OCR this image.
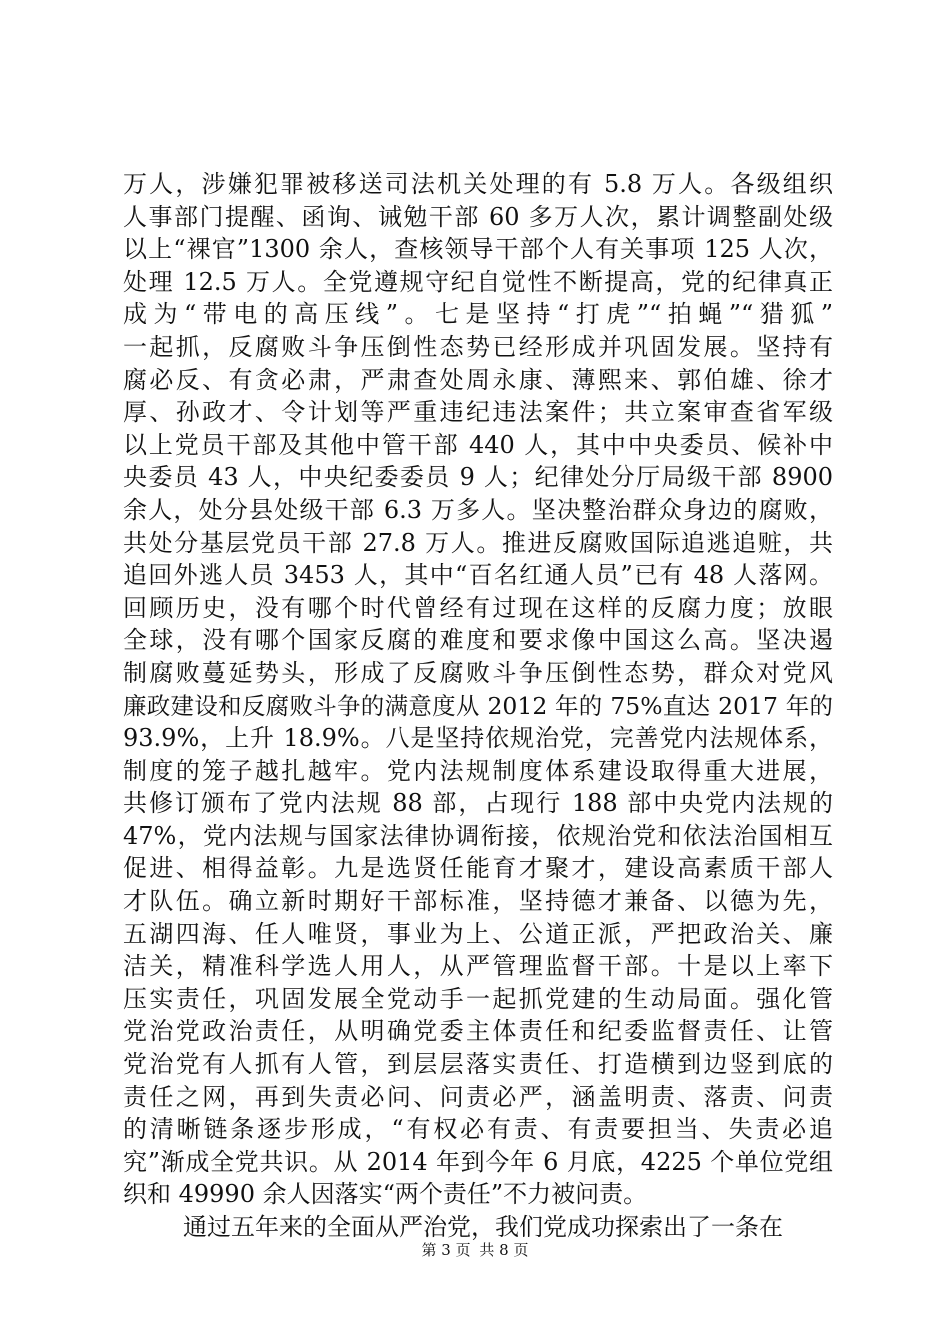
万人，涉嫌犯罪被移送司法机关处理的有 5.8 万人。各级组织
人事部门提醒、函询、诫勉干部 60 多万人次，累计调整副处级
以上“裸官”1300 余人，查核领导干部个人有关事项 125 人次，
处理 12.5 万人。全党遵规守纪自觉性不断提高，党的纪律真正
成为“带电的高压线”。七是坚持“打虎”“拍蝇”“猎狐”
一起抓，反腐败斗争压倒性态势已经形成并巩固发展。坚持有
腐必反、有贪必肃，严肃查处周永康、薄熙来、郭伯雄、徐才
厚、孙政才、令计划等严重违纪违法案件；共立案审查省军级
以上党员干部及其他中管干部 440 人，其中中央委员、候补中
央委员 43 人，中央纪委委员 9 人；纪律处分厅局级干部 8900
余人，处分县处级干部 6.3 万多人。坚决整治群众身边的腐败，
共处分基层党员干部 27.8 万人。推进反腐败国际追逃追赃，共
追回外逃人员 3453 人，其中“百名红通人员”已有 48 人落网。
回顾历史，没有哪个时代曾经有过现在这样的反腐力度；放眼
全球，没有哪个国家反腐的难度和要求像中国这么高。坚决遏
制腐败蔓延势头，形成了反腐败斗争压倒性态势，群众对党风
廉政建设和反腐败斗争的满意度从 2012 年的 75%直达 2017 年的
93.9%，上升 18.9%。八是坚持依规治党，完善党内法规体系，
制度的笼子越扎越牢。党内法规制度体系建设取得重大进展，
共修订颁布了党内法规 88 部，占现行 188 部中央党内法规的
47%，党内法规与国家法律协调衔接，依规治党和依法治国相互
促进、相得益彰。九是选贤任能育才聚才，建设高素质干部人
才队伍。确立新时期好干部标准，坚持德才兼备、以德为先，
五湖四海、任人唯贤，事业为上、公道正派，严把政治关、廉
洁关，精准科学选人用人，从严管理监督干部。十是以上率下
压实责任，巩固发展全党动手一起抓党建的生动局面。强化管
党治党政治责任，从明确党委主体责任和纪委监督责任、让管
党治党有人抓有人管，到层层落实责任、打造横到边竖到底的
责任之网，再到失责必问、问责必严，涵盖明责、落责、问责
的清晰链条逐步形成，“有权必有责、有责要担当、失责必追
究”渐成全党共识。从 2014 年到今年 6 月底，4225 个单位党组
织和 49990 余人因落实“两个责任”不力被问责。
通过五年来的全面从严治党，我们党成功探索出了一条在
第 3 页 共 8 页
